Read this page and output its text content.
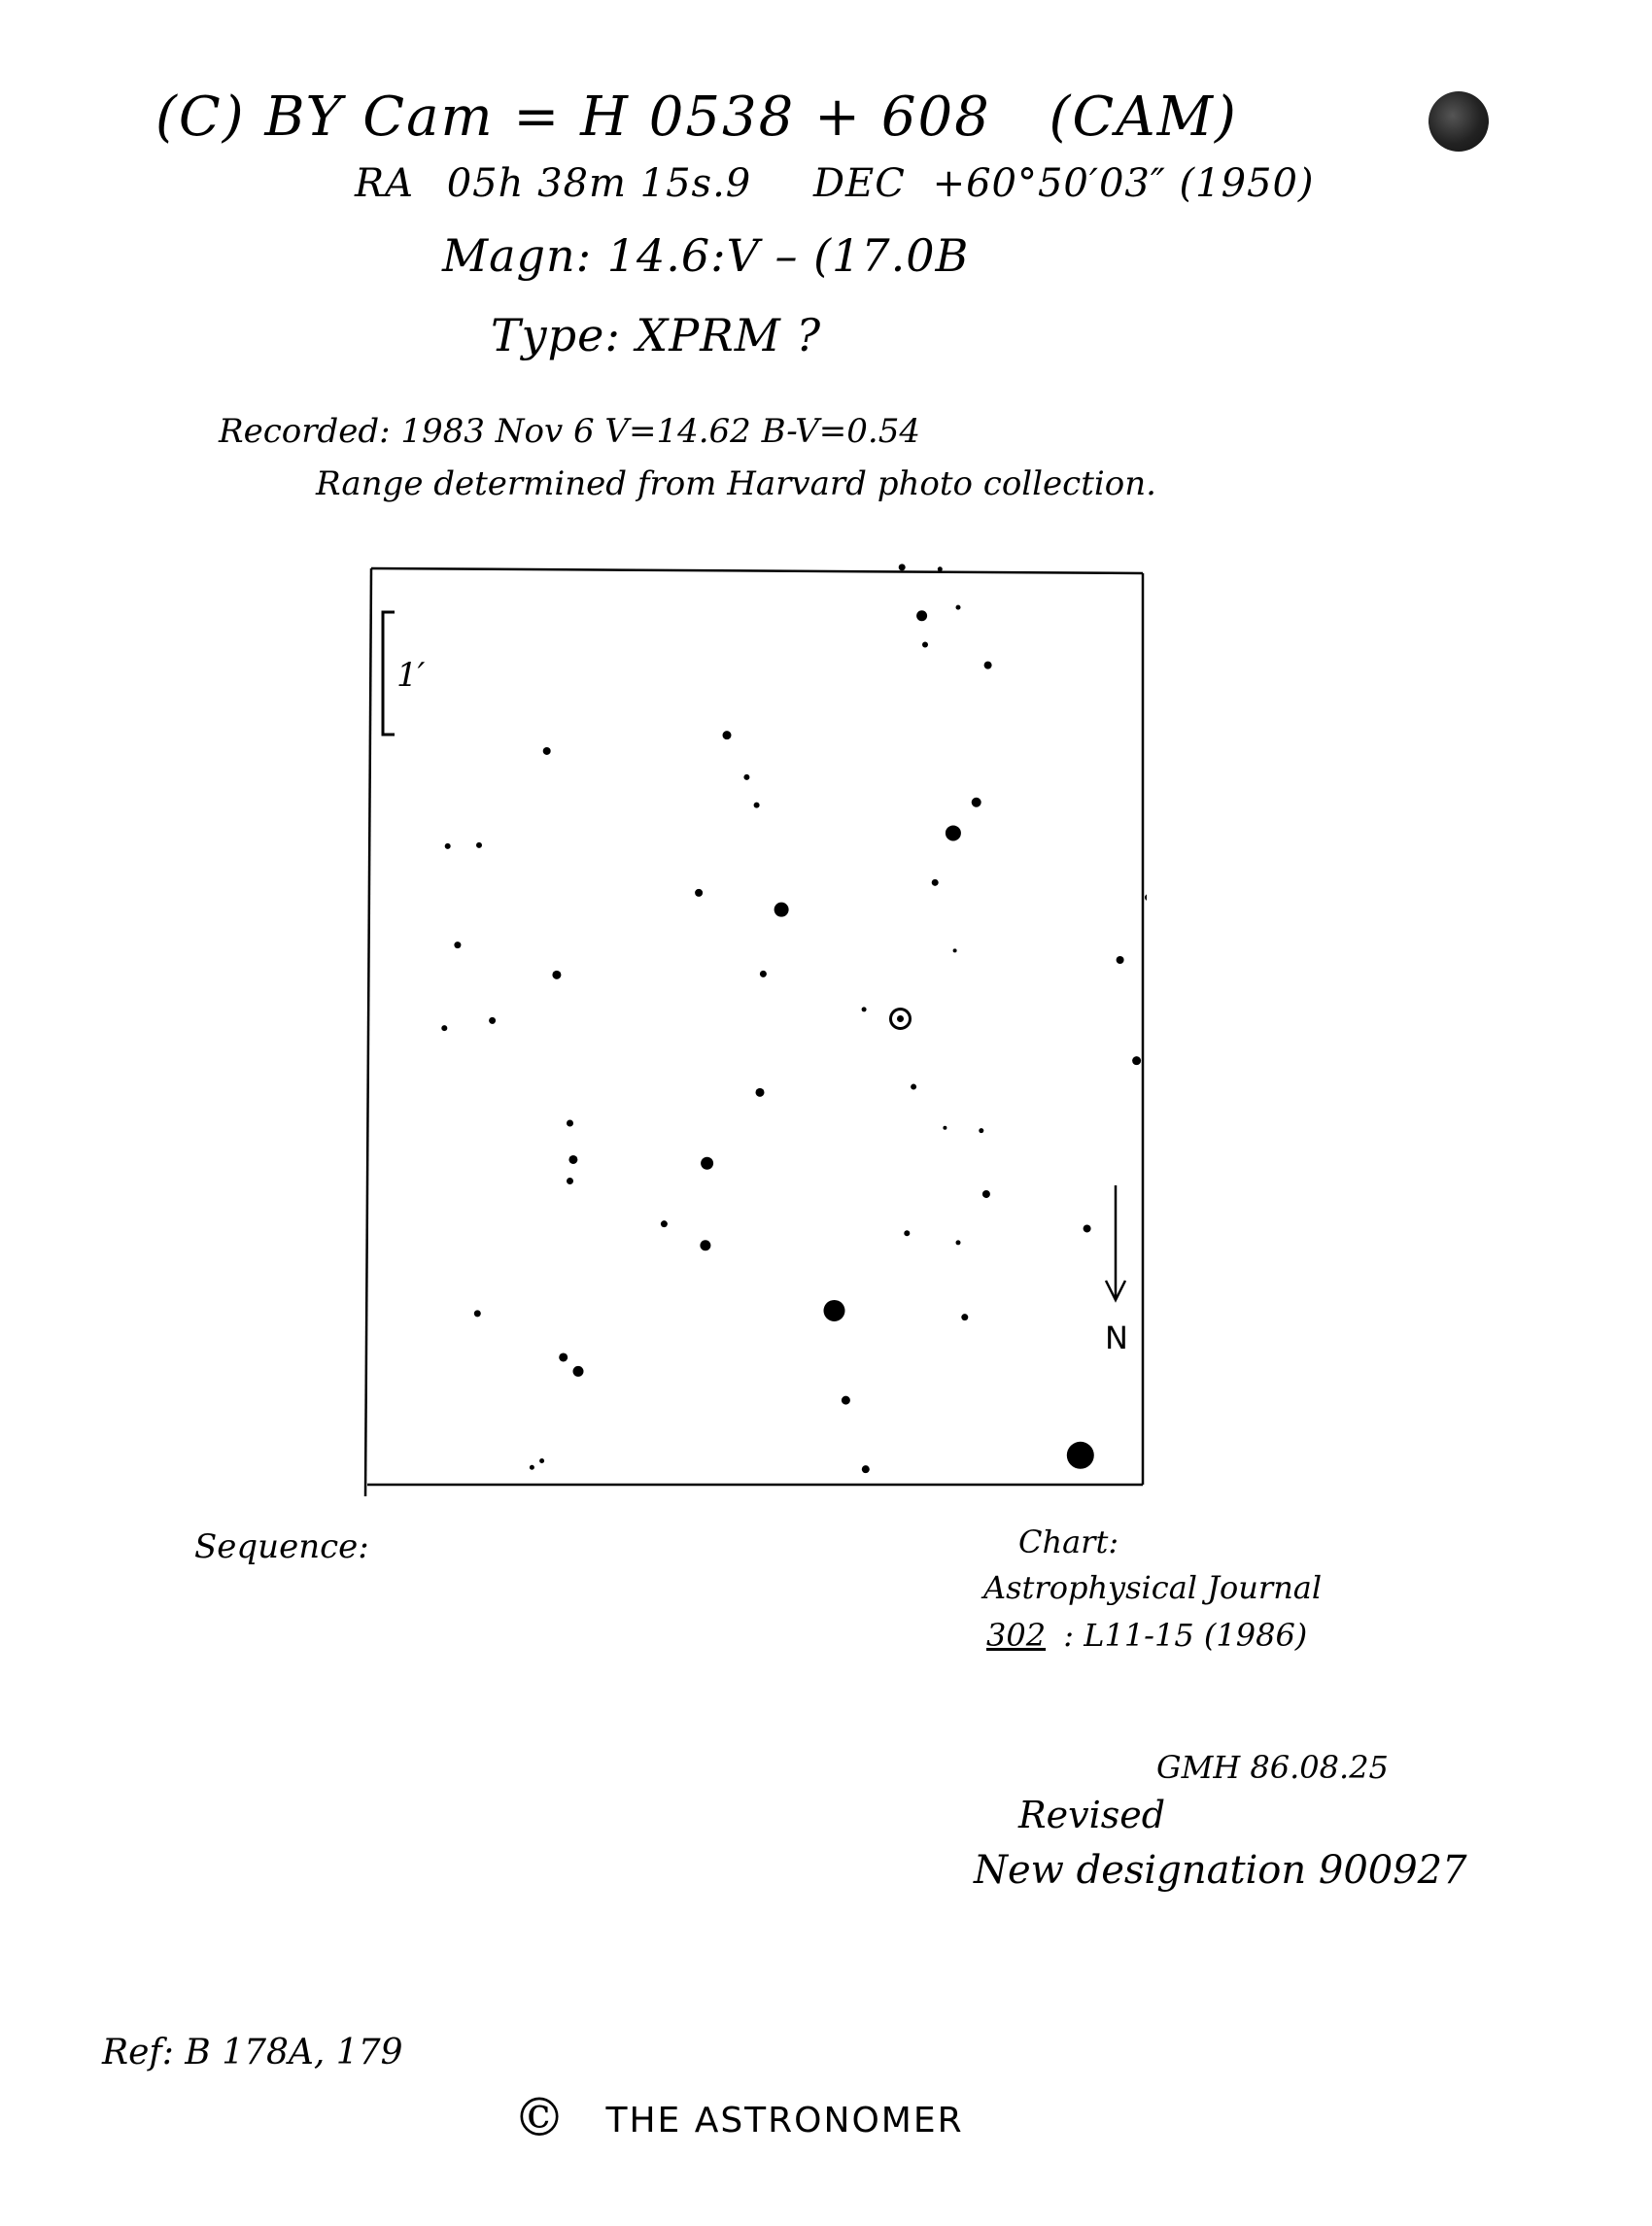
(C) BY Cam = H 0538 + 608 (CAM)
RA 05h 38m 15s.9 DEC +60°50′03″ (1950)
Magn: 14.6:V – (17.0B
Type: XPRM ?
Recorded: 1983 Nov 6 V=14.62 B-V=0.54
Range determined from Harvard photo collection.
1′
N
Sequence:	Chart:
Astrophysical Journal
302 : L11-15 (1986)
GMH 86.08.25
Revised
New designation 900927
Ref: B 178A, 179
© THE ASTRONOMER
